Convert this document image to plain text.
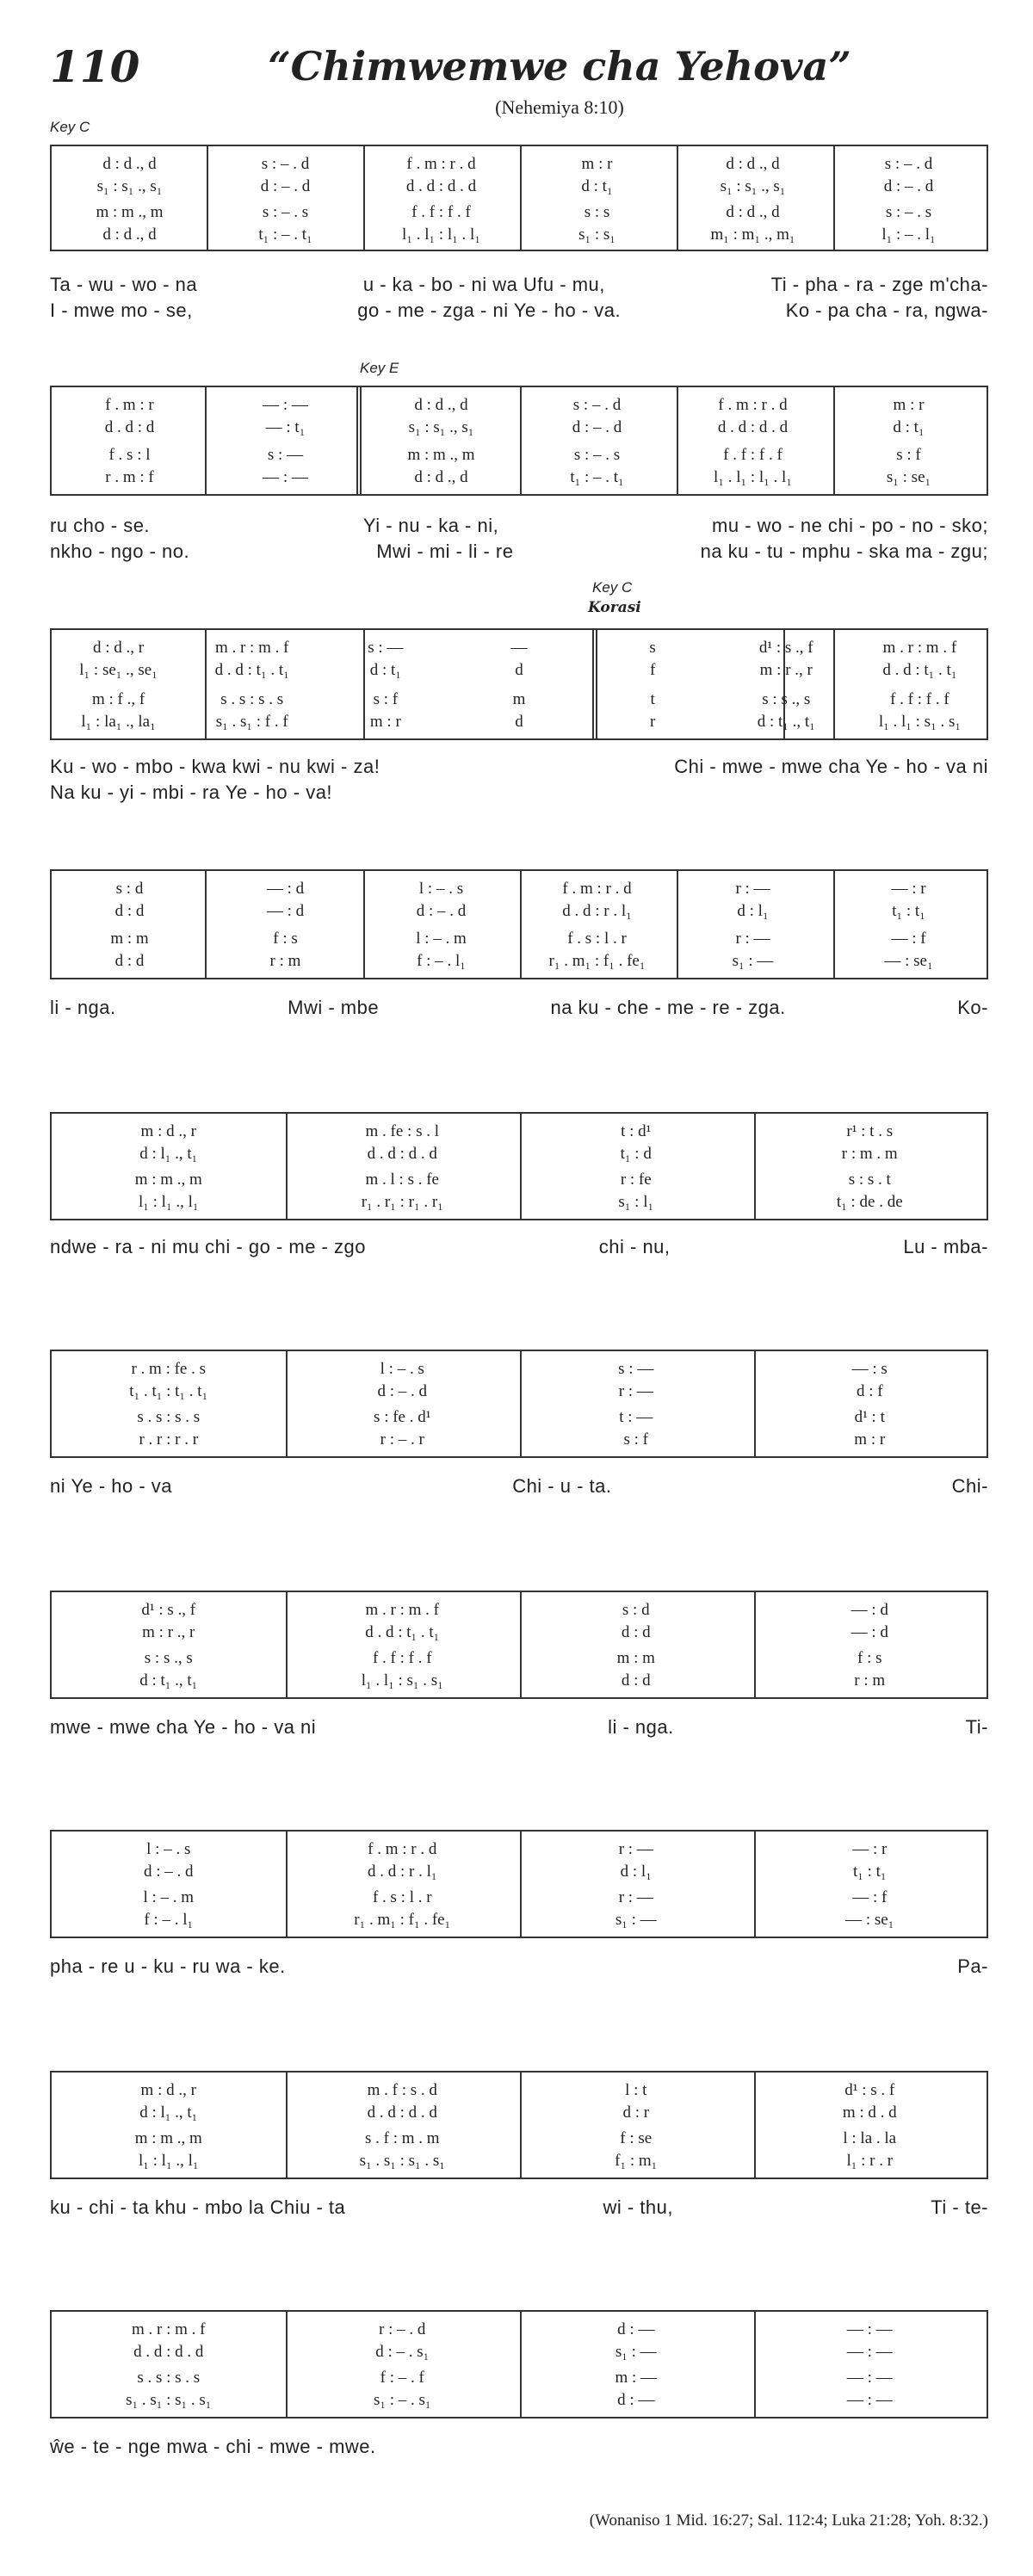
110	“Chimwemwe cha Yehova”
(Nehemiya 8:10)
Key C
Key E
Key C
Korasi
d : d ., d	s : – . d	f . m : r . d	m : r	d : d ., d	s : – . d
s₁ : s₁ ., s₁	d : – . d	d . d : d . d	d : t₁	s₁ : s₁ ., s₁	d : – . d
m : m ., m	s : – . s	f . f : f . f	s : s	d : d ., d	s : – . s
d : d ., d	t₁ : – . t₁	l₁ . l₁ : l₁ . l₁	s₁ : s₁	m₁ : m₁ ., m₁	l₁ : – . l₁
Ta - wu - wo - na	u - ka - bo - ni wa Ufu - mu,	Ti - pha - ra - zge m'cha-
I - mwe mo - se,	go - me - zga - ni Ye - ho - va.	Ko - pa cha - ra, ngwa-
f . m : r	— : —	d : d ., d	s : – . d	f . m : r . d	m : r
d . d : d	— : t₁	s₁ : s₁ ., s₁	d : – . d	d . d : d . d	d : t₁
f . s : l	s : —	m : m ., m	s : – . s	f . f : f . f	s : f
r . m : f	— : —	d : d ., d	t₁ : – . t₁	l₁ . l₁ : l₁ . l₁	s₁ : se₁
ru cho - se.	Yi - nu - ka - ni,	mu - wo - ne chi - po - no - sko;
nkho - ngo - no.	Mwi - mi - li - re	na ku - tu - mphu - ska ma - zgu;
d : d ., r	m . r : m . f	s : —	—	s	d¹ : s ., f	m . r : m . f
l₁ : se₁ ., se₁	d . d : t₁ . t₁	d : t₁	d	f	m : r ., r	d . d : t₁ . t₁
m : f ., f	s . s : s . s	s : f	m	t	s : s ., s	f . f : f . f
l₁ : la₁ ., la₁	s₁ . s₁ : f . f	m : r	d	r	d : t₁ ., t₁	l₁ . l₁ : s₁ . s₁
Ku - wo - mbo - kwa kwi - nu kwi - za!	Chi - mwe - mwe cha Ye - ho - va ni
Na ku - yi - mbi - ra Ye - ho - va!
s : d	— : d	l : – . s	f . m : r . d	r : —	— : r
d : d	— : d	d : – . d	d . d : r . l₁	d : l₁	t₁ : t₁
m : m	f : s	l : – . m	f . s : l . r	r : —	— : f
d : d	r : m	f : – . l₁	r₁ . m₁ : f₁ . fe₁	s₁ : —	— : se₁
li - nga.	Mwi - mbe	na ku - che - me - re - zga.	Ko-
m : d ., r	m . fe : s . l	t : d¹	r¹ : t . s
d : l₁ ., t₁	d . d : d . d	t₁ : d	r : m . m
m : m ., m	m . l : s . fe	r : fe	s : s . t
l₁ : l₁ ., l₁	r₁ . r₁ : r₁ . r₁	s₁ : l₁	t₁ : de . de
ndwe - ra - ni mu chi - go - me - zgo	chi - nu,	Lu - mba-
r . m : fe . s	l : – . s	s : —	— : s
t₁ . t₁ : t₁ . t₁	d : – . d	r : —	d : f
s . s : s . s	s : fe . d¹	t : —	d¹ : t
r . r : r . r	r : – . r	s : f	m : r
ni Ye - ho - va	Chi - u - ta.	Chi-
d¹ : s ., f	m . r : m . f	s : d	— : d
m : r ., r	d . d : t₁ . t₁	d : d	— : d
s : s ., s	f . f : f . f	m : m	f : s
d : t₁ ., t₁	l₁ . l₁ : s₁ . s₁	d : d	r : m
mwe - mwe cha Ye - ho - va ni	li - nga.	Ti-
l : – . s	f . m : r . d	r : —	— : r
d : – . d	d . d : r . l₁	d : l₁	t₁ : t₁
l : – . m	f . s : l . r	r : —	— : f
f : – . l₁	r₁ . m₁ : f₁ . fe₁	s₁ : —	— : se₁
pha - re u - ku - ru wa - ke.	Pa-
m : d ., r	m . f : s . d	l : t	d¹ : s . f
d : l₁ ., t₁	d . d : d . d	d : r	m : d . d
m : m ., m	s . f : m . m	f : se	l : la . la
l₁ : l₁ ., l₁	s₁ . s₁ : s₁ . s₁	f₁ : m₁	l₁ : r . r
ku - chi - ta khu - mbo la Chiu - ta	wi - thu,	Ti - te-
m . r : m . f	r : – . d	d : —	— : —
d . d : d . d	d : – . s₁	s₁ : —	— : —
s . s : s . s	f : – . f	m : —	— : —
s₁ . s₁ : s₁ . s₁	s₁ : – . s₁	d : —	— : —
ŵe - te - nge mwa - chi - mwe - mwe.
(Wonaniso 1 Mid. 16:27; Sal. 112:4; Luka 21:28; Yoh. 8:32.)
